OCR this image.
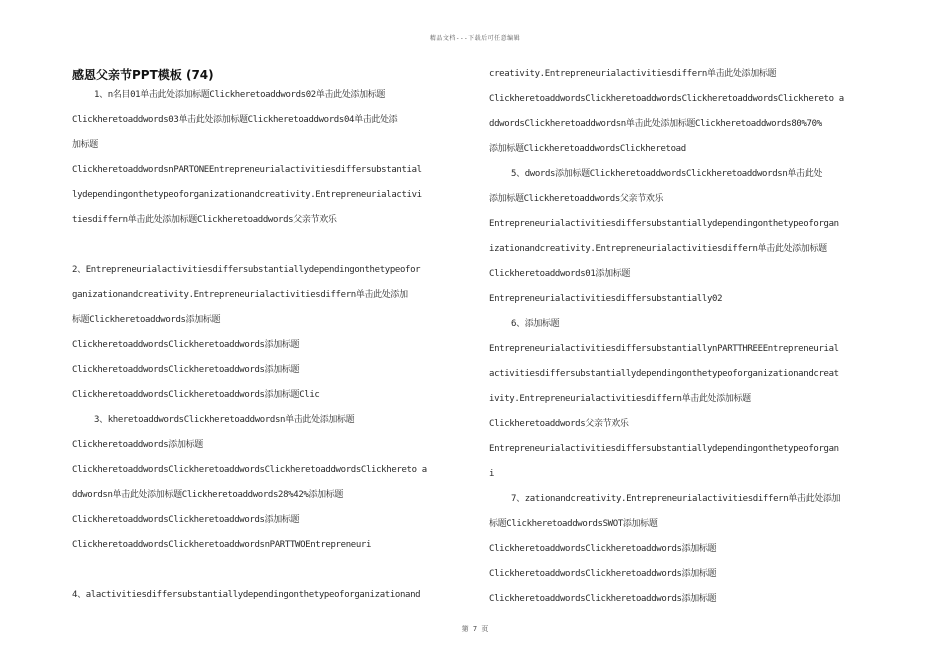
精品文档---下载后可任意编辑
感恩父亲节PPT模板 (74)
1、n名目01单击此处添加标题Clickheretoaddwords02单击此处添加标题
Clickheretoaddwords03单击此处添加标题Clickheretoaddwords04单击此处添
加标题
ClickheretoaddwordsnPARTONEEntrepreneurialactivitiesdiffersubstantial
lydependingonthetypeoforganizationandcreativity.Entrepreneurialactivi
tiesdiffern单击此处添加标题Clickheretoaddwords父亲节欢乐
2、Entrepreneurialactivitiesdiffersubstantiallydependingonthetypeofor
ganizationandcreativity.Entrepreneurialactivitiesdiffern单击此处添加
标题Clickheretoaddwords添加标题
ClickheretoaddwordsClickheretoaddwords添加标题
ClickheretoaddwordsClickheretoaddwords添加标题
ClickheretoaddwordsClickheretoaddwords添加标题Clic
3、kheretoaddwordsClickheretoaddwordsn单击此处添加标题
Clickheretoaddwords添加标题
ClickheretoaddwordsClickheretoaddwordsClickheretoaddwordsClickhereto a
ddwordsn单击此处添加标题Clickheretoaddwords28%42%添加标题
ClickheretoaddwordsClickheretoaddwords添加标题
ClickheretoaddwordsClickheretoaddwordsnPARTTWOEntrepreneuri
4、alactivitiesdiffersubstantiallydependingonthetypeoforganizationand
creativity.Entrepreneurialactivitiesdiffern单击此处添加标题
ClickheretoaddwordsClickheretoaddwordsClickheretoaddwordsClickhereto a
ddwordsClickheretoaddwordsn单击此处添加标题Clickheretoaddwords80%70%
添加标题ClickheretoaddwordsClickheretoad
5、dwords添加标题ClickheretoaddwordsClickheretoaddwordsn单击此处
添加标题Clickheretoaddwords父亲节欢乐
Entrepreneurialactivitiesdiffersubstantiallydependingonthetypeoforgan
izationandcreativity.Entrepreneurialactivitiesdiffern单击此处添加标题
Clickheretoaddwords01添加标题
Entrepreneurialactivitiesdiffersubstantially02
6、添加标题
EntrepreneurialactivitiesdiffersubstantiallynPARTTHREEEntrepreneurial
activitiesdiffersubstantiallydependingonthetypeoforganizationandcreat
ivity.Entrepreneurialactivitiesdiffern单击此处添加标题
Clickheretoaddwords父亲节欢乐
Entrepreneurialactivitiesdiffersubstantiallydependingonthetypeoforgan
i
7、zationandcreativity.Entrepreneurialactivitiesdiffern单击此处添加
标题ClickheretoaddwordsSWOT添加标题
ClickheretoaddwordsClickheretoaddwords添加标题
ClickheretoaddwordsClickheretoaddwords添加标题
ClickheretoaddwordsClickheretoaddwords添加标题
第 7 页
